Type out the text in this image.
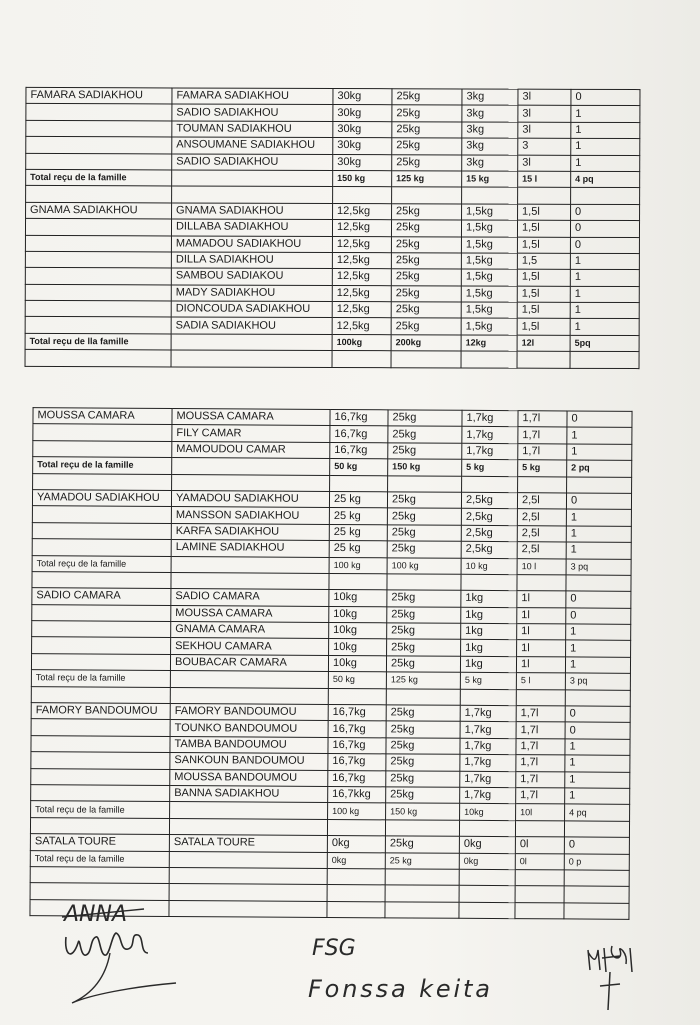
FAMARA SADIAKHOU	FAMARA SADIAKHOU	30kg	25kg	3kg	3l	0
	SADIO SADIAKHOU	30kg	25kg	3kg	3l	1
	TOUMAN SADIAKHOU	30kg	25kg	3kg	3l	1
	ANSOUMANE SADIAKHOU	30kg	25kg	3kg	3	1
	SADIO SADIAKHOU	30kg	25kg	3kg	3l	1
Total reçu de la famille		150 kg	125 kg	15 kg	15 l	4 pq

GNAMA SADIAKHOU	GNAMA SADIAKHOU	12,5kg	25kg	1,5kg	1,5l	0
	DILLABA SADIAKHOU	12,5kg	25kg	1,5kg	1,5l	0
	MAMADOU SADIAKHOU	12,5kg	25kg	1,5kg	1,5l	0
	DILLA SADIAKHOU	12,5kg	25kg	1,5kg	1,5	1
	SAMBOU SADIAKOU	12,5kg	25kg	1,5kg	1,5l	1
	MADY SADIAKHOU	12,5kg	25kg	1,5kg	1,5l	1
	DIONCOUDA SADIAKHOU	12,5kg	25kg	1,5kg	1,5l	1
	SADIA SADIAKHOU	12,5kg	25kg	1,5kg	1,5l	1
Total reçu de lla famille		100kg	200kg	12kg	12l	5pq

MOUSSA CAMARA	MOUSSA CAMARA	16,7kg	25kg	1,7kg	1,7l	0
	FILY CAMAR	16,7kg	25kg	1,7kg	1,7l	1
	MAMOUDOU CAMAR	16,7kg	25kg	1,7kg	1,7l	1
Total reçu de la famille		50 kg	150 kg	5 kg	5 kg	2 pq

YAMADOU SADIAKHOU	YAMADOU SADIAKHOU	25 kg	25kg	2,5kg	2,5l	0
	MANSSON SADIAKHOU	25 kg	25kg	2,5kg	2,5l	1
	KARFA SADIAKHOU	25 kg	25kg	2,5kg	2,5l	1
	LAMINE SADIAKHOU	25 kg	25kg	2,5kg	2,5l	1
Total reçu de la famille		100 kg	100 kg	10 kg	10 l	3 pq

SADIO CAMARA	SADIO CAMARA	10kg	25kg	1kg	1l	0
	MOUSSA CAMARA	10kg	25kg	1kg	1l	0
	GNAMA CAMARA	10kg	25kg	1kg	1l	1
	SEKHOU CAMARA	10kg	25kg	1kg	1l	1
	BOUBACAR CAMARA	10kg	25kg	1kg	1l	1
Total reçu de la famille		50 kg	125 kg	5 kg	5 l	3 pq

FAMORY BANDOUMOU	FAMORY BANDOUMOU	16,7kg	25kg	1,7kg	1,7l	0
	TOUNKO BANDOUMOU	16,7kg	25kg	1,7kg	1,7l	0
	TAMBA BANDOUMOU	16,7kg	25kg	1,7kg	1,7l	1
	SANKOUN BANDOUMOU	16,7kg	25kg	1,7kg	1,7l	1
	MOUSSA BANDOUMOU	16,7kg	25kg	1,7kg	1,7l	1
	BANNA SADIAKHOU	16,7kkg	25kg	1,7kg	1,7l	1
Total reçu de la famille		100 kg	150 kg	10kg	10l	4 pq

SATALA TOURE	SATALA TOURE	0kg	25kg	0kg	0l	0
Total reçu de la famille		0kg	25 kg	0kg	0l	0 p

ANNA
FSG
Fonssa keita
